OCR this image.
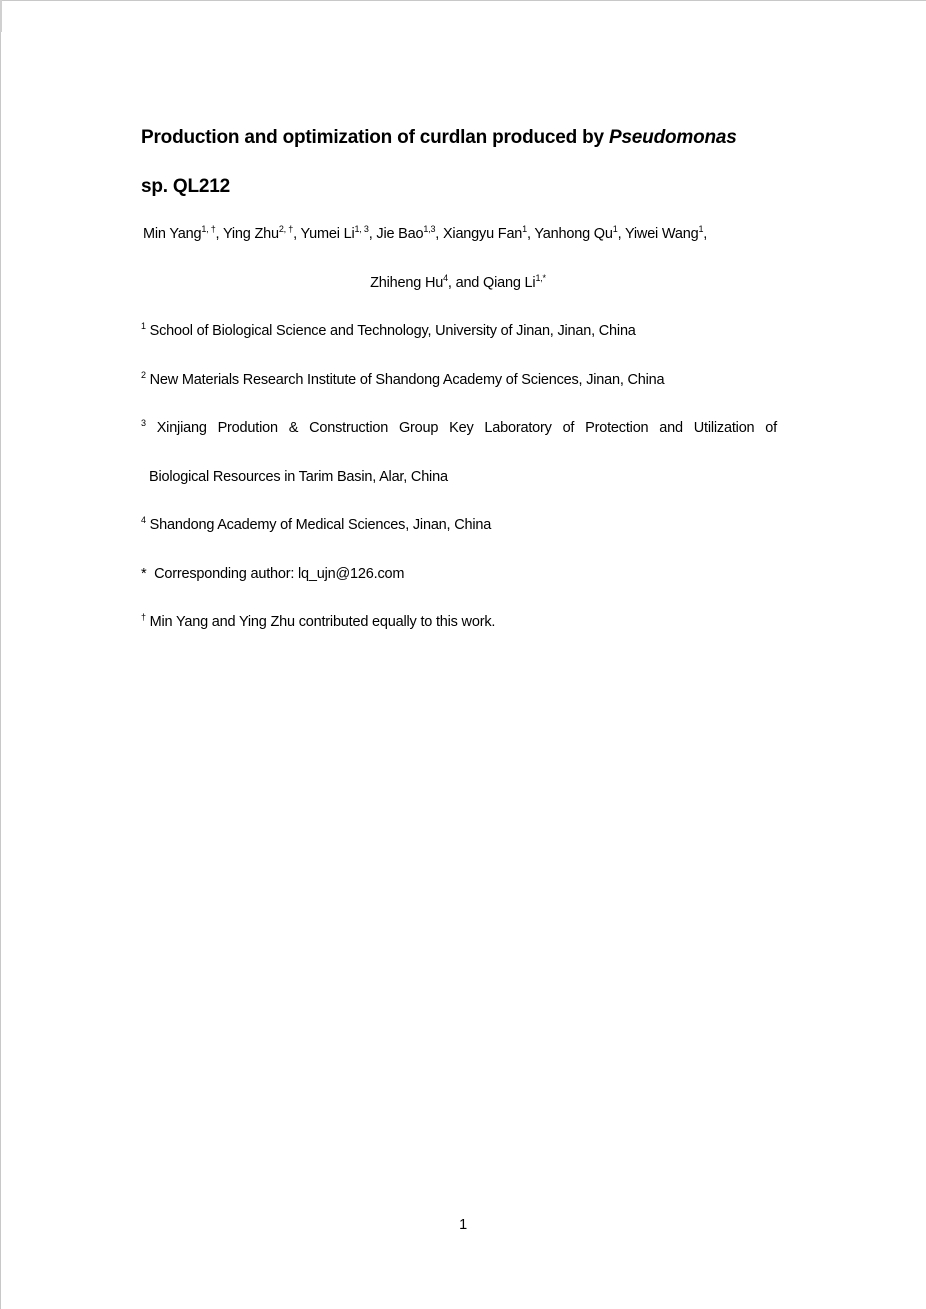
Production and optimization of curdlan produced by Pseudomonas
sp. QL212
Min Yang$^{1, \dagger}$, Ying Zhu$^{2, \dagger}$, Yumei Li$^{1, 3}$, Jie Bao$^{1,3}$, Xiangyu Fan$^1$, Yanhong Qu$^1$, Yiwei Wang$^1$,
Zhiheng Hu$^4$, and Qiang $Li^{1,*}$
$^1$ School of Biological Science and Technology, University of Jinan, Jinan, China
$^2$ New Materials Research Institute of Shandong Academy of Sciences, Jinan, China
$^3$ Xinjiang Prodution & Construction Group Key Laboratory of Protection and Utilization of
Biological Resources in Tarim Basin, Alar, China
$^4$ Shandong Academy of Medical Sciences, Jinan, China
* Corresponding author: lq_ujn@126.com
† Min Yang and Ying Zhu contributed equally to this work.
1
